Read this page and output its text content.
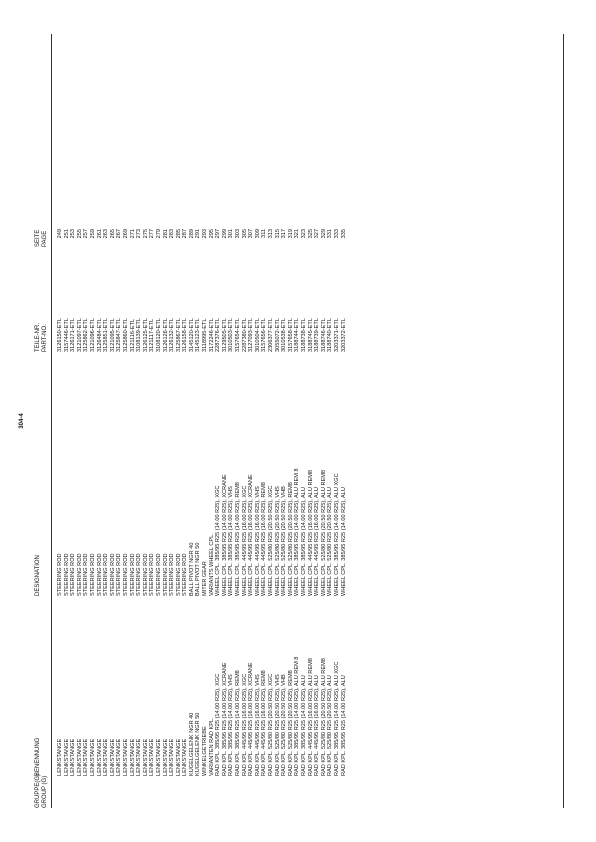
304-4
GRUPPE(G) GROUP (G)
BENENNUNG
DESIGNATION
TEILE-NR. PART-NO.
SEITE PAGE
LENKSTANGE
STEERING ROD
3126150-ETL
249
LENKSTANGE
STEERING ROD
3157446-ETL
251
LENKSTANGE
STEERING ROD
3126171-ETL
253
LENKSTANGE
STEERING ROD
3121097-ETL
255
LENKSTANGE
STEERING ROD
3125862-ETL
257
LENKSTANGE
STEERING ROD
3121096-ETL
259
LENKSTANGE
STEERING ROD
3126484-ETL
261
LENKSTANGE
STEERING ROD
3125851-ETL
263
LENKSTANGE
STEERING ROD
3121095-ETL
265
LENKSTANGE
STEERING ROD
3125847-ETL
267
LENKSTANGE
STEERING ROD
3125860-ETL
269
LENKSTANGE
STEERING ROD
3121116-ETL
271
LENKSTANGE
STEERING ROD
3108139-ETL
273
LENKSTANGE
STEERING ROD
3126125-ETL
275
LENKSTANGE
STEERING ROD
3121117-ETL
277
LENKSTANGE
STEERING ROD
3108120-ETL
279
LENKSTANGE
STEERING ROD
3126126-ETL
281
LENKSTANGE
STEERING ROD
3126132-ETL
283
LENKSTANGE
STEERING ROD
3125867-ETL
285
LENKSTANGE
STEERING ROD
3126158-ETL
287
KUGELGELENK NGR 40
BALL PIVOT NGR 40
3145120-ETL
289
KUGELGELENK NGR 50
BALL PIVOT NGR 50
3145123-ETL
291
WINKELGETRIEBE
MITER GEAR
3118995-ETL
293
VARIANTEN RAD KPL.
VARIANTS WHEEL CPL.
3172246-ETL
295
RAD KPL. 385/95 R25 (14.00 R25), XGC
WHEEL CPL. 385/95 R25 (14.00 R25), XGC
2287376-ETL
297
RAD KPL. 385/95 R25 (14.00 R25), XCRANE
WHEEL CPL. 385/95 R25 (14.00 R25), XCRANE
3129505-ETL
299
RAD KPL. 385/95 R25 (14.00 R25), VHS
WHEEL CPL. 385/95 R25 (14.00 R25), VHS
3010503-ETL
301
RAD KPL. 385/95 R25 (14.00 R25), REM8
WHEEL CPL. 385/95 R25 (14.00 R25), REM8
3157654-ETL
303
RAD KPL. 445/95 R25 (16.00 R25), XGC
WHEEL CPL. 445/95 R25 (16.00 R25), XGC
2287380-ETL
305
RAD KPL. 445/95 R25 (16.00 R25), XCRANE
WHEEL CPL. 445/95 R25 (16.00 R25), XCRANE
3127093-ETL
307
RAD KPL. 445/95 R25 (16.00 R25), VHS
WHEEL CPL. 445/95 R25 (16.00 R25), VHS
3010504-ETL
309
RAD KPL. 445/95 R25 (16.00 R25), REM8
WHEEL CPL. 445/95 R25 (16.00 R25), REM8
3157656-ETL
311
RAD KPL. 525/80 R25 (20.50 R25), XGC
WHEEL CPL. 525/80 R25 (20.50 R25), XGC
2306377-ETL
313
RAD KPL. 525/80 R25 (20.50 R25), VHS
WHEEL CPL. 525/80 R25 (20.50 R25), VHS
3055072-ETL
315
RAD KPL. 525/80 R25 (20.50 R25), VHB
WHEEL CPL. 525/80 R25 (20.50 R25), VHB
3010538-ETL
317
RAD KPL. 525/80 R25 (20.50 R25), REM8
WHEEL CPL. 525/80 R25 (20.50 R25), REM8
3157658-ETL
319
RAD KPL. 385/95 R25 (14.00 R25), ALU REM 8
WHEEL CPL. 385/95 R25 (14.00 R25), ALU REM 8
3188744-ETL
321
RAD KPL. 385/95 R25 (14.00 R25), ALU
WHEEL CPL. 385/95 R25 (14.00 R25), ALU
3188738-ETL
323
RAD KPL. 445/95 R25 (16.00 R25), ALU REM8
WHEEL CPL. 445/95 R25 (16.00 R25), ALU REM8
3188745-ETL
325
RAD KPL. 445/95 R25 (16.00 R25), ALU
WHEEL CPL. 445/95 R25 (16.00 R25), ALU
3188739-ETL
327
RAD KPL. 525/80 R25 (20.50 R25), ALU REM8
WHEEL CPL. 525/80 R25 (20.50 R25), ALU REM8
3188746-ETL
329
RAD KPL. 525/80 R25 (20.50 R25), ALU
WHEEL CPL. 525/80 R25 (20.50 R25), ALU
3188740-ETL
331
RAD KPL. 385/95 R25 (14.00 R25), ALU XGC
WHEEL CPL. 385/95 R25 (14.00 R25), ALU XGC
3203371-ETL
333
RAD KPL. 385/95 R25 (14.00 R25), ALU
WHEEL CPL. 385/95 R25 (14.00 R25), ALU
3203372-ETL
335
